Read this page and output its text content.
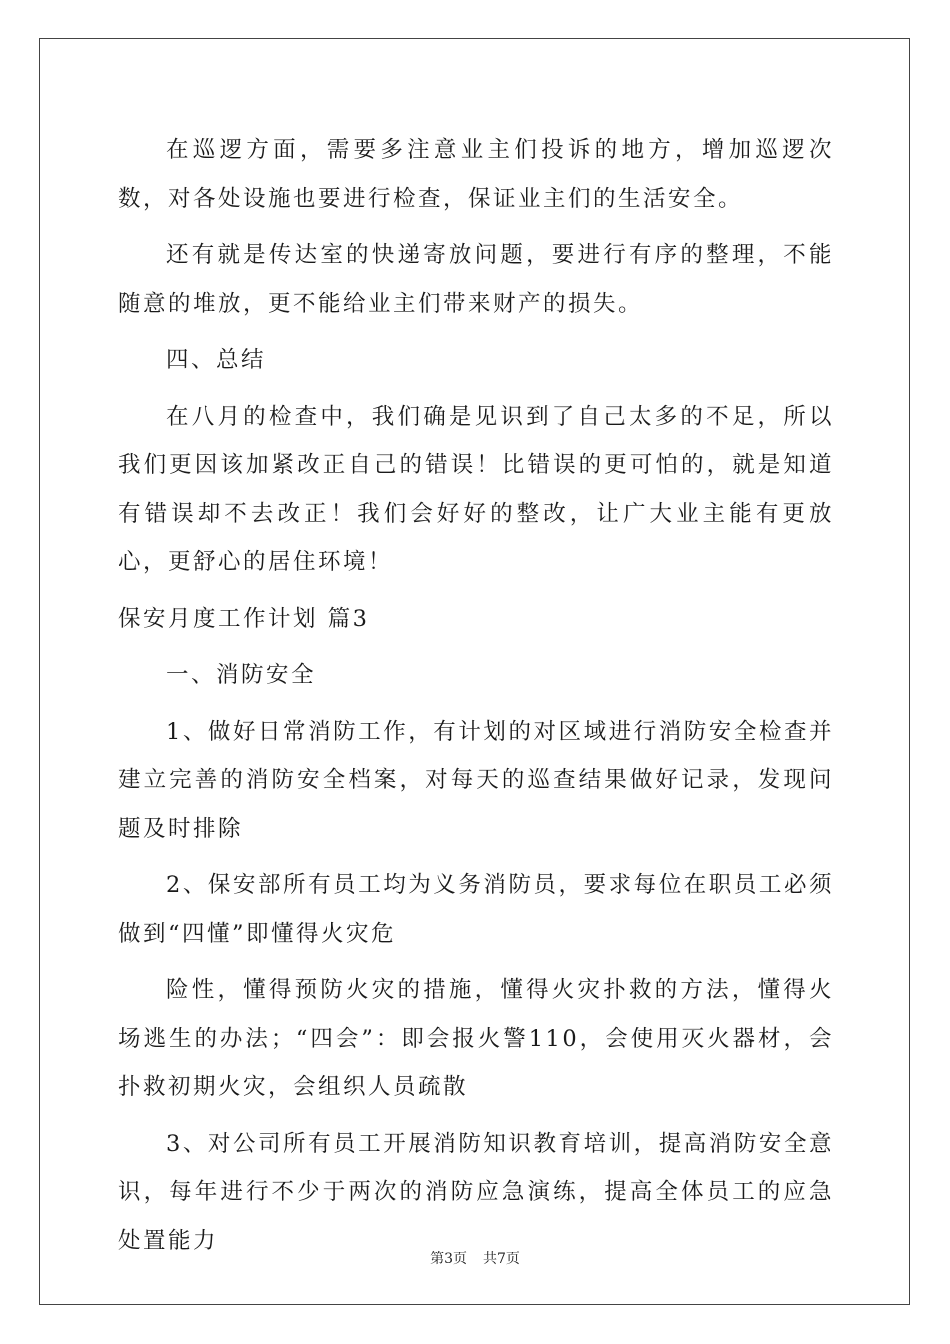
在巡逻方面，需要多注意业主们投诉的地方，增加巡逻次数，对各处设施也要进行检查，保证业主们的生活安全。

还有就是传达室的快递寄放问题，要进行有序的整理，不能随意的堆放，更不能给业主们带来财产的损失。

四、总结

在八月的检查中，我们确是见识到了自己太多的不足，所以我们更因该加紧改正自己的错误！比错误的更可怕的，就是知道有错误却不去改正！我们会好好的整改，让广大业主能有更放心，更舒心的居住环境！

保安月度工作计划 篇3

一、消防安全

1、做好日常消防工作，有计划的对区域进行消防安全检查并建立完善的消防安全档案，对每天的巡查结果做好记录，发现问题及时排除

2、保安部所有员工均为义务消防员，要求每位在职员工必须做到“四懂”即懂得火灾危

险性，懂得预防火灾的措施，懂得火灾扑救的方法，懂得火场逃生的办法；“四会”：即会报火警110，会使用灭火器材，会扑救初期火灾，会组织人员疏散

3、对公司所有员工开展消防知识教育培训，提高消防安全意识，每年进行不少于两次的消防应急演练，提高全体员工的应急处置能力

第3页 共7页
